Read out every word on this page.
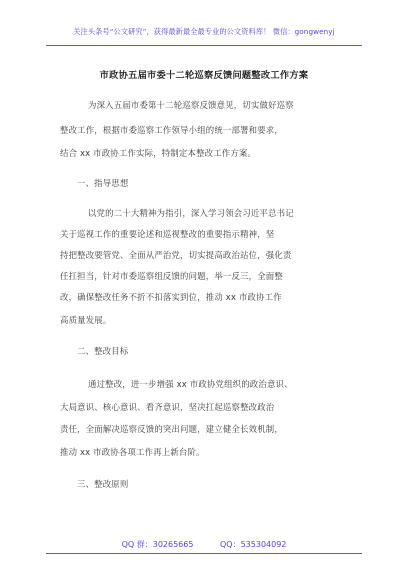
关注头条号“公文研究”，获得最新最全最专业的公文资料库！ 微信：gongwenyj
市政协五届市委十二轮巡察反馈问题整改工作方案
为深入五届市委第十二轮巡察反馈意见，切实做好巡察
整改工作，根据市委巡察工作领导小组的统一部署和要求，
结合 xx 市政协工作实际，特制定本整改工作方案。
一、指导思想
以党的二十大精神为指引，深入学习领会习近平总书记
关于巡视工作的重要论述和巡视整改的重要指示精神，坚
持把整改要管党、全面从严治党，切实提高政治站位，强化责
任扛担当，针对市委巡察组反馈的问题，举一反三，全面整
改，确保整改任务不折不扣落实到位，推动 xx 市政协工作
高质量发展。
二、整改目标
通过整改，进一步增强 xx 市政协党组织的政治意识、
大局意识、核心意识、看齐意识，坚决扛起巡察整改政治
责任，全面解决巡察反馈的突出问题，建立健全长效机制，
推动 xx 市政协各项工作再上新台阶。
三、整改原则
QQ 群：30265665	QQ：535304092
